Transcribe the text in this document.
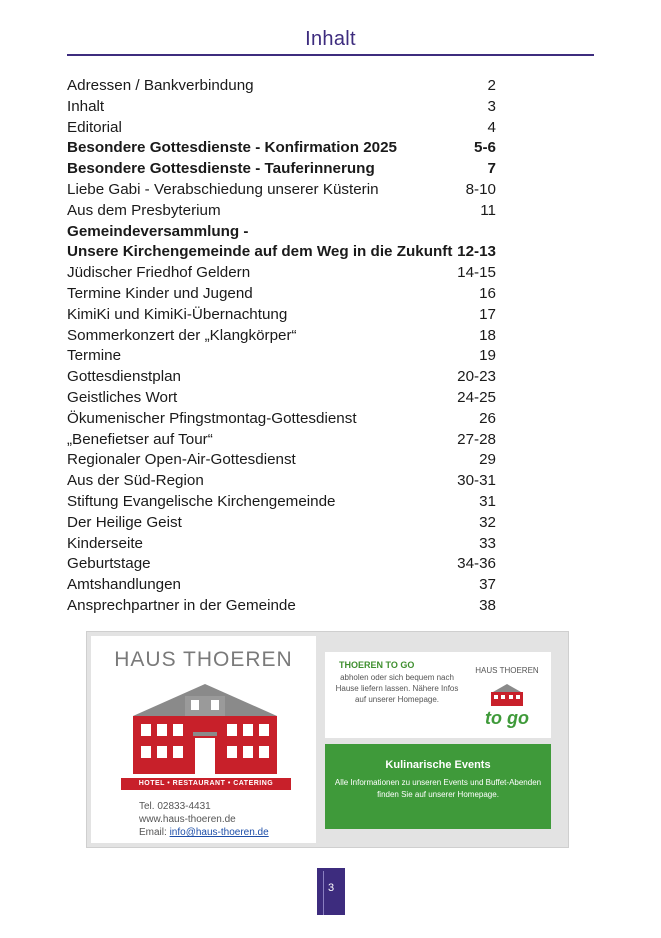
Inhalt
Adressen / Bankverbindung	2
Inhalt	3
Editorial	4
Besondere Gottesdienste - Konfirmation 2025	5-6
Besondere Gottesdienste - Tauferinnerung	7
Liebe Gabi - Verabschiedung unserer Küsterin	8-10
Aus dem Presbyterium	11
Gemeindeversammlung -
Unsere Kirchengemeinde auf dem Weg in die Zukunft 12-13
Jüdischer Friedhof Geldern	14-15
Termine Kinder und Jugend	16
KimiKi und KimiKi-Übernachtung	17
Sommerkonzert der „Klangkörper“	18
Termine	19
Gottesdienstplan	20-23
Geistliches Wort	24-25
Ökumenischer Pfingstmontag-Gottesdienst	26
„Benefietser auf Tour“	27-28
Regionaler Open-Air-Gottesdienst	29
Aus der Süd-Region	30-31
Stiftung Evangelische Kirchengemeinde	31
Der Heilige Geist	32
Kinderseite	33
Geburtstage	34-36
Amtshandlungen	37
Ansprechpartner in der Gemeinde	38
HAUS THOEREN
HOTEL • RESTAURANT • CATERING
Tel. 02833-4431
www.haus-thoeren.de
Email: info@haus-thoeren.de
THOEREN TO GO
abholen oder sich bequem nach Hause liefern lassen. Nähere Infos auf unserer Homepage.
HAUS THOEREN
to go
Kulinarische Events
Alle Informationen zu unseren Events und Buffet-Abenden finden Sie auf unserer Homepage.
3
